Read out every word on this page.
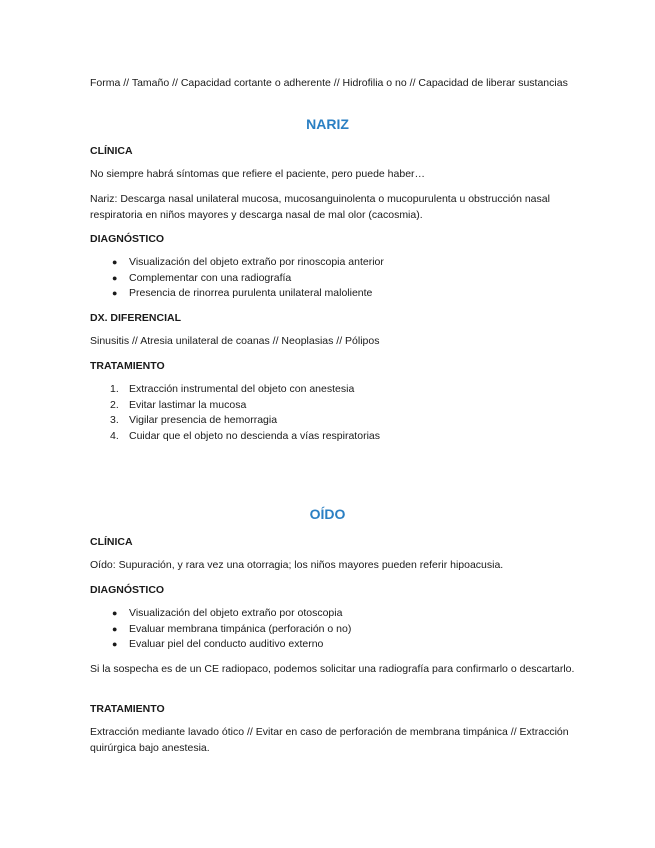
Forma // Tamaño // Capacidad cortante o adherente // Hidrofilia o no // Capacidad de liberar sustancias

NARIZ

CLÍNICA

No siempre habrá síntomas que refiere el paciente, pero puede haber…

Nariz: Descarga nasal unilateral mucosa, mucosanguinolenta o mucopurulenta u obstrucción nasal respiratoria en niños mayores y descarga nasal de mal olor (cacosmia).

DIAGNÓSTICO

● Visualización del objeto extraño por rinoscopia anterior
● Complementar con una radiografía
● Presencia de rinorrea purulenta unilateral maloliente

DX. DIFERENCIAL

Sinusitis // Atresia unilateral de coanas // Neoplasias // Pólipos

TRATAMIENTO

1. Extracción instrumental del objeto con anestesia
2. Evitar lastimar la mucosa
3. Vigilar presencia de hemorragia
4. Cuidar que el objeto no descienda a vías respiratorias
OÍDO

CLÍNICA

Oído: Supuración, y rara vez una otorragia; los niños mayores pueden referir hipoacusia.

DIAGNÓSTICO

● Visualización del objeto extraño por otoscopia
● Evaluar membrana timpánica (perforación o no)
● Evaluar piel del conducto auditivo externo

Si la sospecha es de un CE radiopaco, podemos solicitar una radiografía para confirmarlo o descartarlo.

TRATAMIENTO

Extracción mediante lavado ótico // Evitar en caso de perforación de membrana timpánica // Extracción quirúrgica bajo anestesia.
